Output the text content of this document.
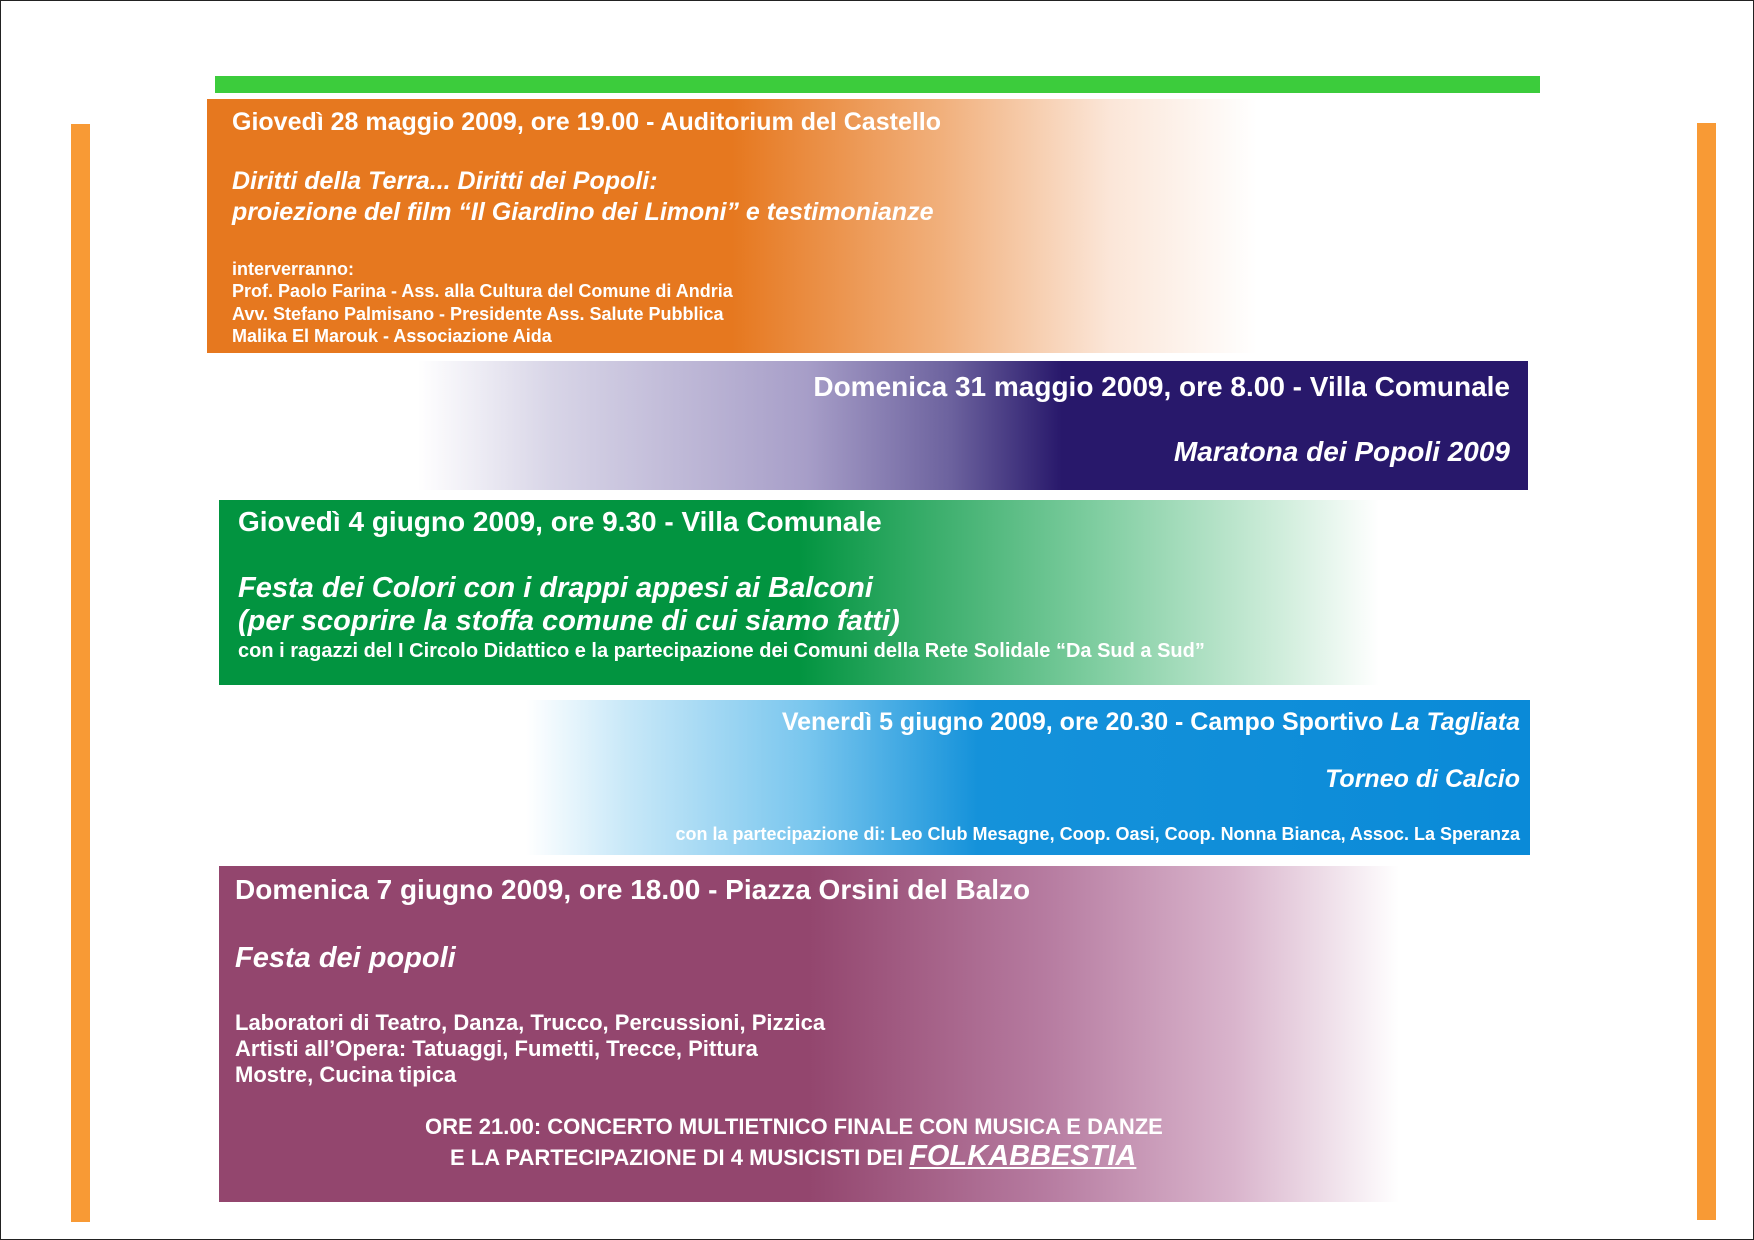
Giovedì 28 maggio 2009, ore 19.00 - Auditorium del Castello
Diritti della Terra... Diritti dei Popoli:
proiezione del film “Il Giardino dei Limoni” e testimonianze
interverranno:
Prof. Paolo Farina - Ass. alla Cultura del Comune di Andria
Avv. Stefano Palmisano - Presidente Ass. Salute Pubblica
Malika El Marouk - Associazione Aida
Domenica 31 maggio 2009, ore 8.00 - Villa Comunale
Maratona dei Popoli 2009
Giovedì 4 giugno 2009, ore 9.30 - Villa Comunale
Festa dei Colori con i drappi appesi ai Balconi
(per scoprire la stoffa comune di cui siamo fatti)
con i ragazzi del I Circolo Didattico e la partecipazione dei Comuni della Rete Solidale “Da Sud a Sud”
Venerdì 5 giugno 2009, ore 20.30 - Campo Sportivo La Tagliata
Torneo di Calcio
con la partecipazione di: Leo Club Mesagne, Coop. Oasi, Coop. Nonna Bianca, Assoc. La Speranza
Domenica 7 giugno 2009, ore 18.00 - Piazza Orsini del Balzo
Festa dei popoli
Laboratori di Teatro, Danza, Trucco, Percussioni, Pizzica
Artisti all’Opera: Tatuaggi, Fumetti, Trecce, Pittura
Mostre, Cucina tipica
ORE 21.00: CONCERTO MULTIETNICO FINALE CON MUSICA E DANZE
E LA PARTECIPAZIONE DI 4 MUSICISTI DEI FOLKABBESTIA
